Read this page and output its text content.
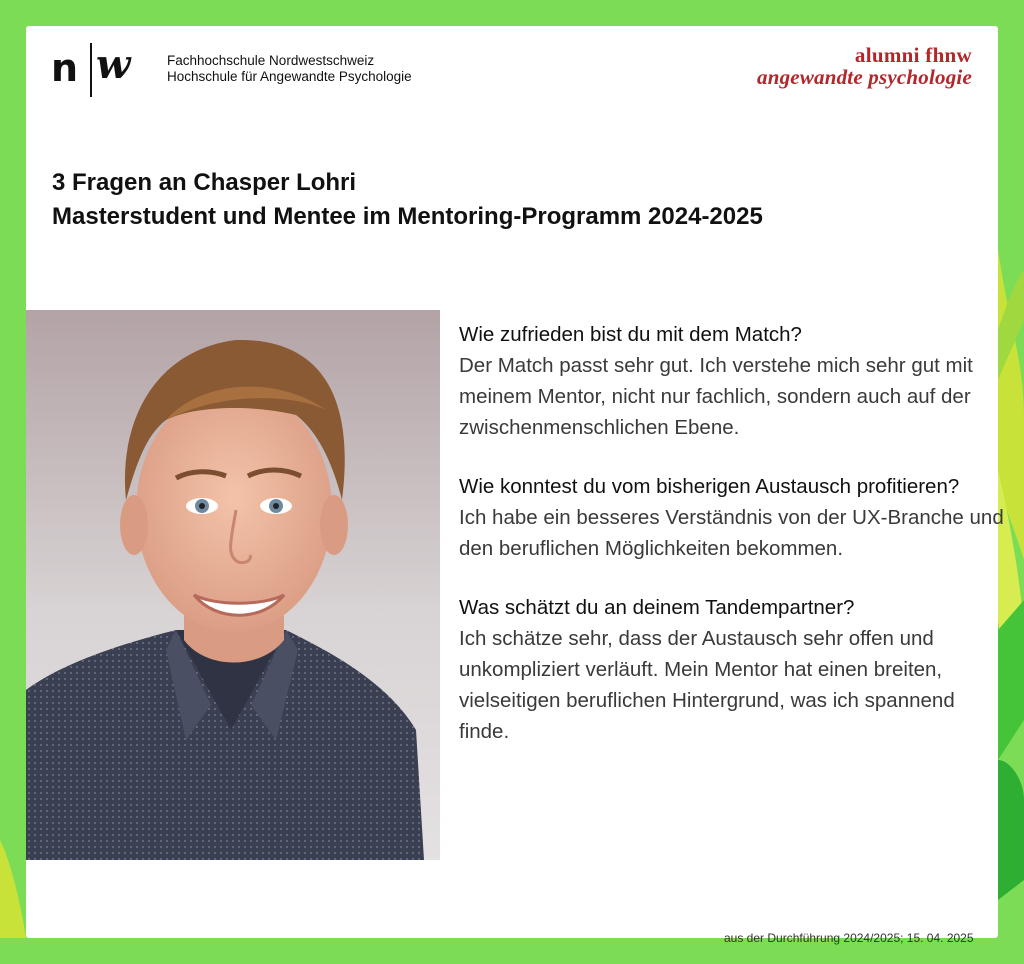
n w	Fachhochschule Nordwestschweiz
Hochschule für Angewandte Psychologie
alumni fhnw
angewandte psychologie
3 Fragen an Chasper Lohri
Masterstudent und Mentee im Mentoring-Programm 2024-2025
Wie zufrieden bist du mit dem Match?
Der Match passt sehr gut. Ich verstehe mich sehr gut mit meinem Mentor, nicht nur fachlich, sondern auch auf der zwischenmenschlichen Ebene.
Wie konntest du vom bisherigen Austausch profitieren?
Ich habe ein besseres Verständnis von der UX-Branche und den beruflichen Möglichkeiten bekommen.
Was schätzt du an deinem Tandempartner?
Ich schätze sehr, dass der Austausch sehr offen und unkompliziert verläuft. Mein Mentor hat einen breiten, vielseitigen beruflichen Hintergrund, was ich spannend finde.
aus der Durchführung 2024/2025; 15. 04. 2025
